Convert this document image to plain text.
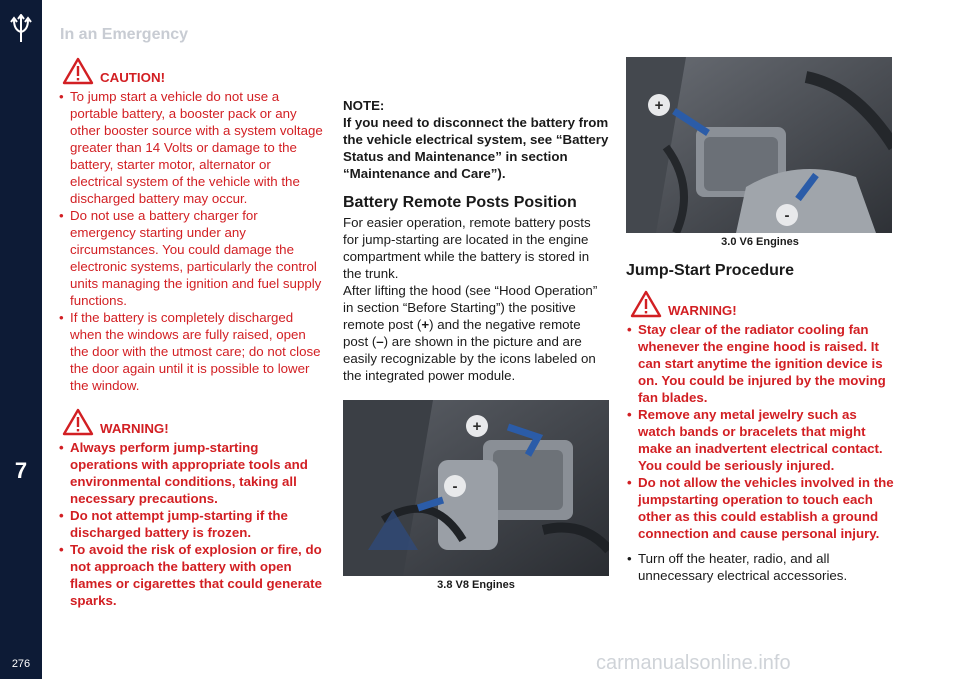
7
276
In an Emergency
CAUTION!
• To jump start a vehicle do not use a portable battery, a booster pack or any other booster source with a system voltage greater than 14 Volts or damage to the battery, starter motor, alternator or electrical system of the vehicle with the discharged battery may occur.
• Do not use a battery charger for emergency starting under any circumstances. You could damage the electronic systems, particularly the control units managing the ignition and fuel supply functions.
• If the battery is completely discharged when the windows are fully raised, open the door with the utmost care; do not close the door again until it is possible to lower the window.
WARNING!
• Always perform jump-starting operations with appropriate tools and environmental conditions, taking all necessary precautions.
• Do not attempt jump-starting if the discharged battery is frozen.
• To avoid the risk of explosion or fire, do not approach the battery with open flames or cigarettes that could generate sparks.

NOTE:

If you need to disconnect the battery from the vehicle electrical system, see “Battery Status and Maintenance” in section “Maintenance and Care”).

Battery Remote Posts Position

For easier operation, remote battery posts for jump-starting are located in the engine compartment while the battery is stored in the trunk.

After lifting the hood (see “Hood Operation” in section “Before Starting”) the positive remote post (+) and the negative remote post (–) are shown in the picture and are easily recognizable by the icons labeled on the integrated power module.

+
-
3.8 V8 Engines
+
-
3.0 V6 Engines
Jump-Start Procedure
WARNING!
• Stay clear of the radiator cooling fan whenever the engine hood is raised. It can start anytime the ignition device is on. You could be injured by the moving fan blades.
• Remove any metal jewelry such as watch bands or bracelets that might make an inadvertent electrical contact. You could be seriously injured.
• Do not allow the vehicles involved in the jumpstarting operation to touch each other as this could establish a ground connection and cause personal injury.
• Turn off the heater, radio, and all unnecessary electrical accessories.
carmanualsonline.info
